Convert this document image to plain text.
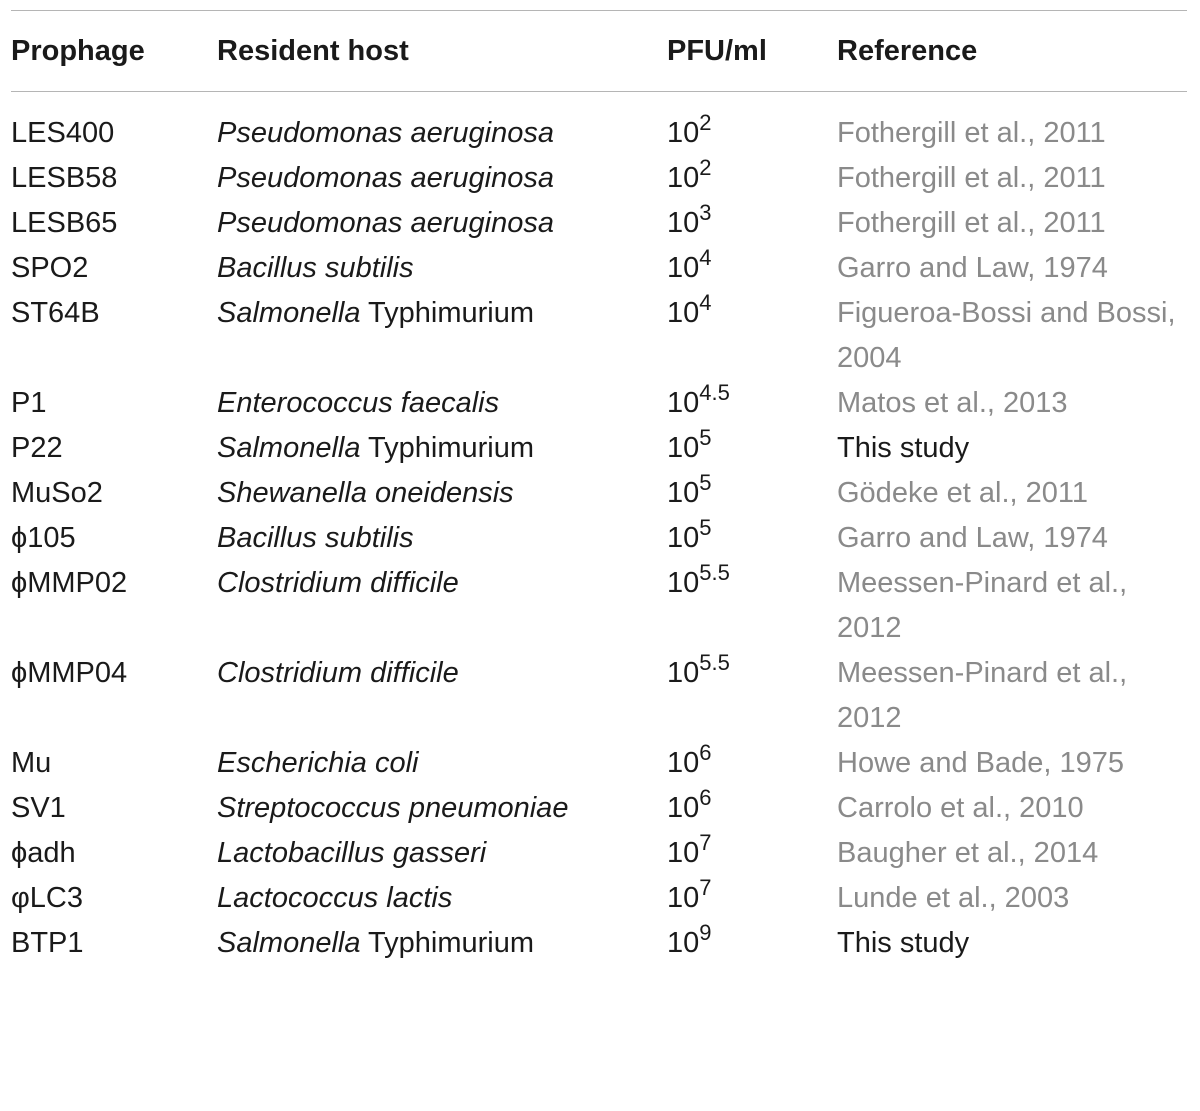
Prophage	Resident host	PFU/ml	Reference
LES400	Pseudomonas aeruginosa	$10^2$	Fothergill et al., 2011
LESB58	Pseudomonas aeruginosa	$10^2$	Fothergill et al., 2011
LESB65	Pseudomonas aeruginosa	$10^3$	Fothergill et al., 2011
SPO2	Bacillus subtilis	$10^4$	Garro and Law, 1974
ST64B	Salmonella Typhimurium	$10^4$	Figueroa-Bossi and Bossi, 2004
P1	Enterococcus faecalis	$10^{4.5}$	Matos et al., 2013
P22	Salmonella Typhimurium	$10^5$	This study
MuSo2	Shewanella oneidensis	$10^5$	Gödeke et al., 2011
ϕ105	Bacillus subtilis	$10^5$	Garro and Law, 1974
ϕMMP02	Clostridium difficile	$10^{5.5}$	Meessen-Pinard et al., 2012
ϕMMP04	Clostridium difficile	$10^{5.5}$	Meessen-Pinard et al., 2012
Mu	Escherichia coli	$10^6$	Howe and Bade, 1975
SV1	Streptococcus pneumoniae	$10^6$	Carrolo et al., 2010
ϕadh	Lactobacillus gasseri	$10^7$	Baugher et al., 2014
φLC3	Lactococcus lactis	$10^7$	Lunde et al., 2003
BTP1	Salmonella Typhimurium	$10^9$	This study
